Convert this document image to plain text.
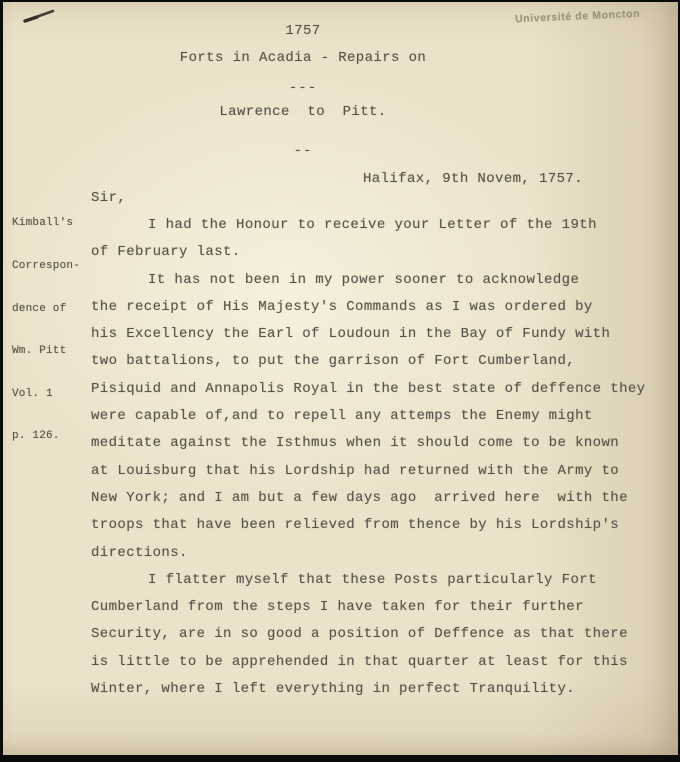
Université de Moncton
1757
Forts in Acadia - Repairs on
---
Lawrence  to  Pitt.
--
Halifax, 9th Novem, 1757.

Kimball's

Correspon-

dence of

Wm. Pitt

Vol. 1

p. 126.

Sir,
I had the Honour to receive your Letter of the 19th
of February last.
It has not been in my power sooner to acknowledge
the receipt of His Majesty's Commands as I was ordered by
his Excellency the Earl of Loudoun in the Bay of Fundy with
two battalions, to put the garrison of Fort Cumberland,
Pisiquid and Annapolis Royal in the best state of deffence they
were capable of,and to repell any attemps the Enemy might
meditate against the Isthmus when it should come to be known
at Louisburg that his Lordship had returned with the Army to
New York; and I am but a few days ago  arrived here  with the
troops that have been relieved from thence by his Lordship's
directions.
I flatter myself that these Posts particularly Fort
Cumberland from the steps I have taken for their further
Security, are in so good a position of Deffence as that there
is little to be apprehended in that quarter at least for this
Winter, where I left everything in perfect Tranquility.
